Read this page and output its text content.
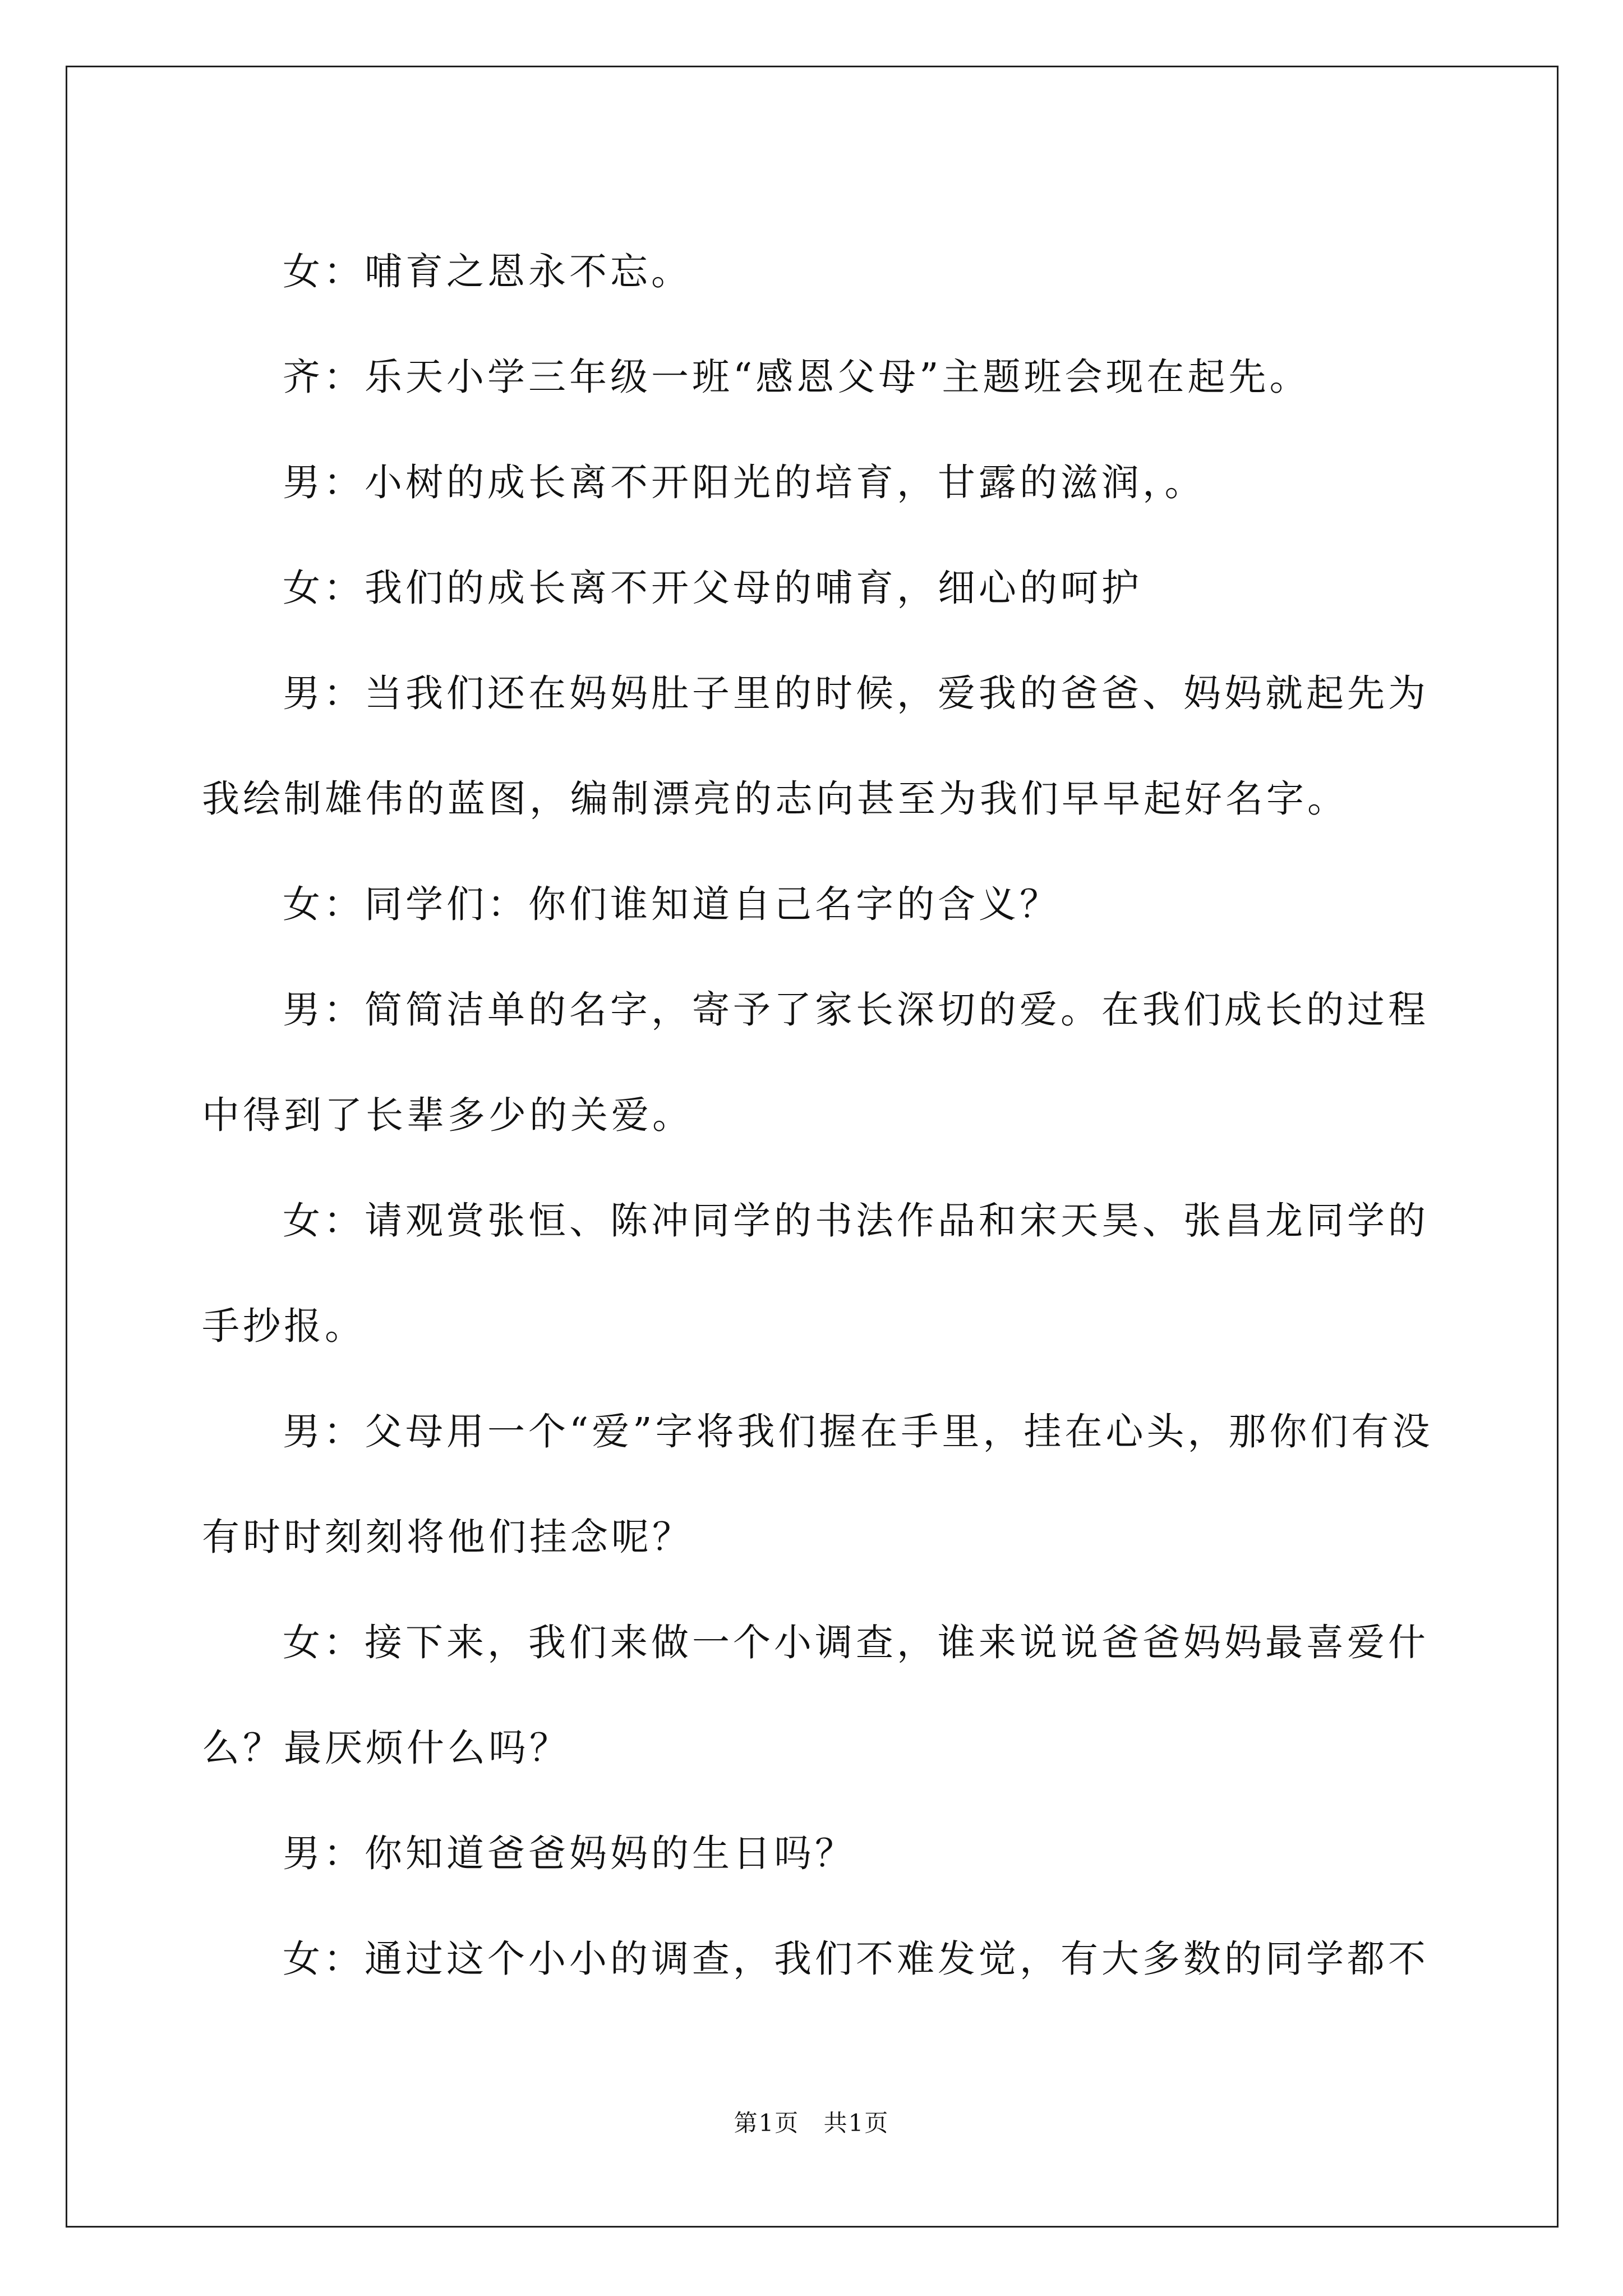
女：哺育之恩永不忘。

齐：乐天小学三年级一班“感恩父母”主题班会现在起先。

男：小树的成长离不开阳光的培育，甘露的滋润，。

女：我们的成长离不开父母的哺育，细心的呵护

男：当我们还在妈妈肚子里的时候，爱我的爸爸、妈妈就起先为我绘制雄伟的蓝图，编制漂亮的志向甚至为我们早早起好名字。

女：同学们：你们谁知道自己名字的含义？

男：简简洁单的名字，寄予了家长深切的爱。在我们成长的过程中得到了长辈多少的关爱。

女：请观赏张恒、陈冲同学的书法作品和宋天昊、张昌龙同学的手抄报。

男：父母用一个“爱”字将我们握在手里，挂在心头，那你们有没有时时刻刻将他们挂念呢？

女：接下来，我们来做一个小调查，谁来说说爸爸妈妈最喜爱什么？最厌烦什么吗？

男：你知道爸爸妈妈的生日吗？

女：通过这个小小的调查，我们不难发觉，有大多数的同学都不

第1页 共1页
